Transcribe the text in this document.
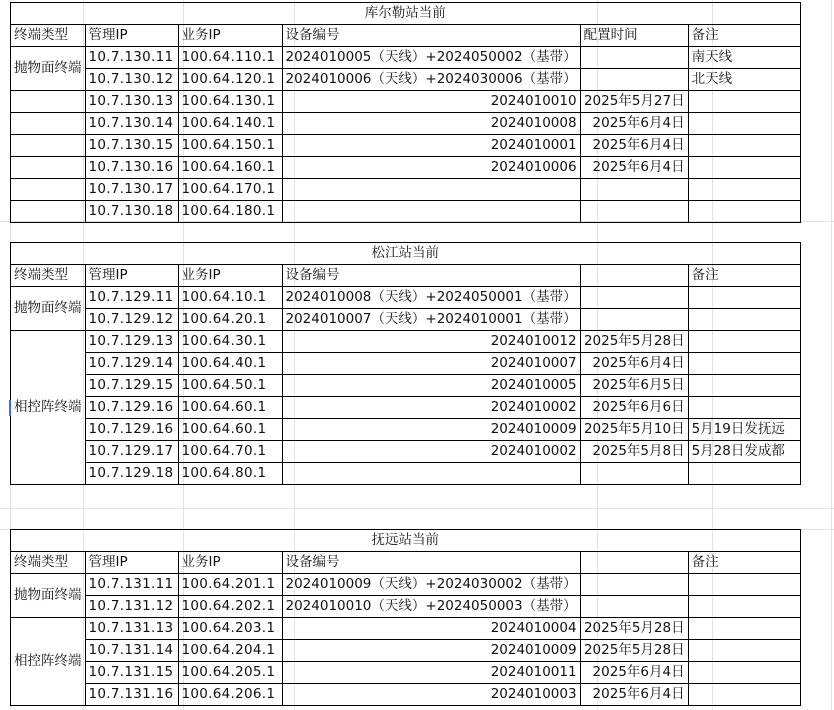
库尔勒站当前					
终端类型	管理IP	业务IP	设备编号	配置时间	备注
抛物面终端	10.7.130.11	100.64.110.1	2024010005（天线）+2024050002（基带）		南天线
	10.7.130.12	100.64.120.1	2024010006（天线）+2024030006（基带）		北天线
	10.7.130.13	100.64.130.1	2024010010	2025年5月27日	
	10.7.130.14	100.64.140.1	2024010008	2025年6月4日	
	10.7.130.15	100.64.150.1	2024010001	2025年6月4日	
	10.7.130.16	100.64.160.1	2024010006	2025年6月4日	
	10.7.130.17	100.64.170.1			
	10.7.130.18	100.64.180.1			
松江站当前					
终端类型	管理IP	业务IP	设备编号		备注
抛物面终端	10.7.129.11	100.64.10.1	2024010008（天线）+2024050001（基带）		
	10.7.129.12	100.64.20.1	2024010007（天线）+2024010001（基带）		
相控阵终端	10.7.129.13	100.64.30.1	2024010012	2025年5月28日	
	10.7.129.14	100.64.40.1	2024010007	2025年6月4日	
	10.7.129.15	100.64.50.1	2024010005	2025年6月5日	
	10.7.129.16	100.64.60.1	2024010002	2025年6月6日	
	10.7.129.16	100.64.60.1	2024010009	2025年5月10日	5月19日发抚远
	10.7.129.17	100.64.70.1	2024010002	2025年5月8日	5月28日发成都
	10.7.129.18	100.64.80.1			
抚远站当前					
终端类型	管理IP	业务IP	设备编号		备注
抛物面终端	10.7.131.11	100.64.201.1	2024010009（天线）+2024030002（基带）		
	10.7.131.12	100.64.202.1	2024010010（天线）+2024050003（基带）		
相控阵终端	10.7.131.13	100.64.203.1	2024010004	2025年5月28日	
	10.7.131.14	100.64.204.1	2024010009	2025年5月28日	
	10.7.131.15	100.64.205.1	2024010011	2025年6月4日	
	10.7.131.16	100.64.206.1	2024010003	2025年6月4日	
